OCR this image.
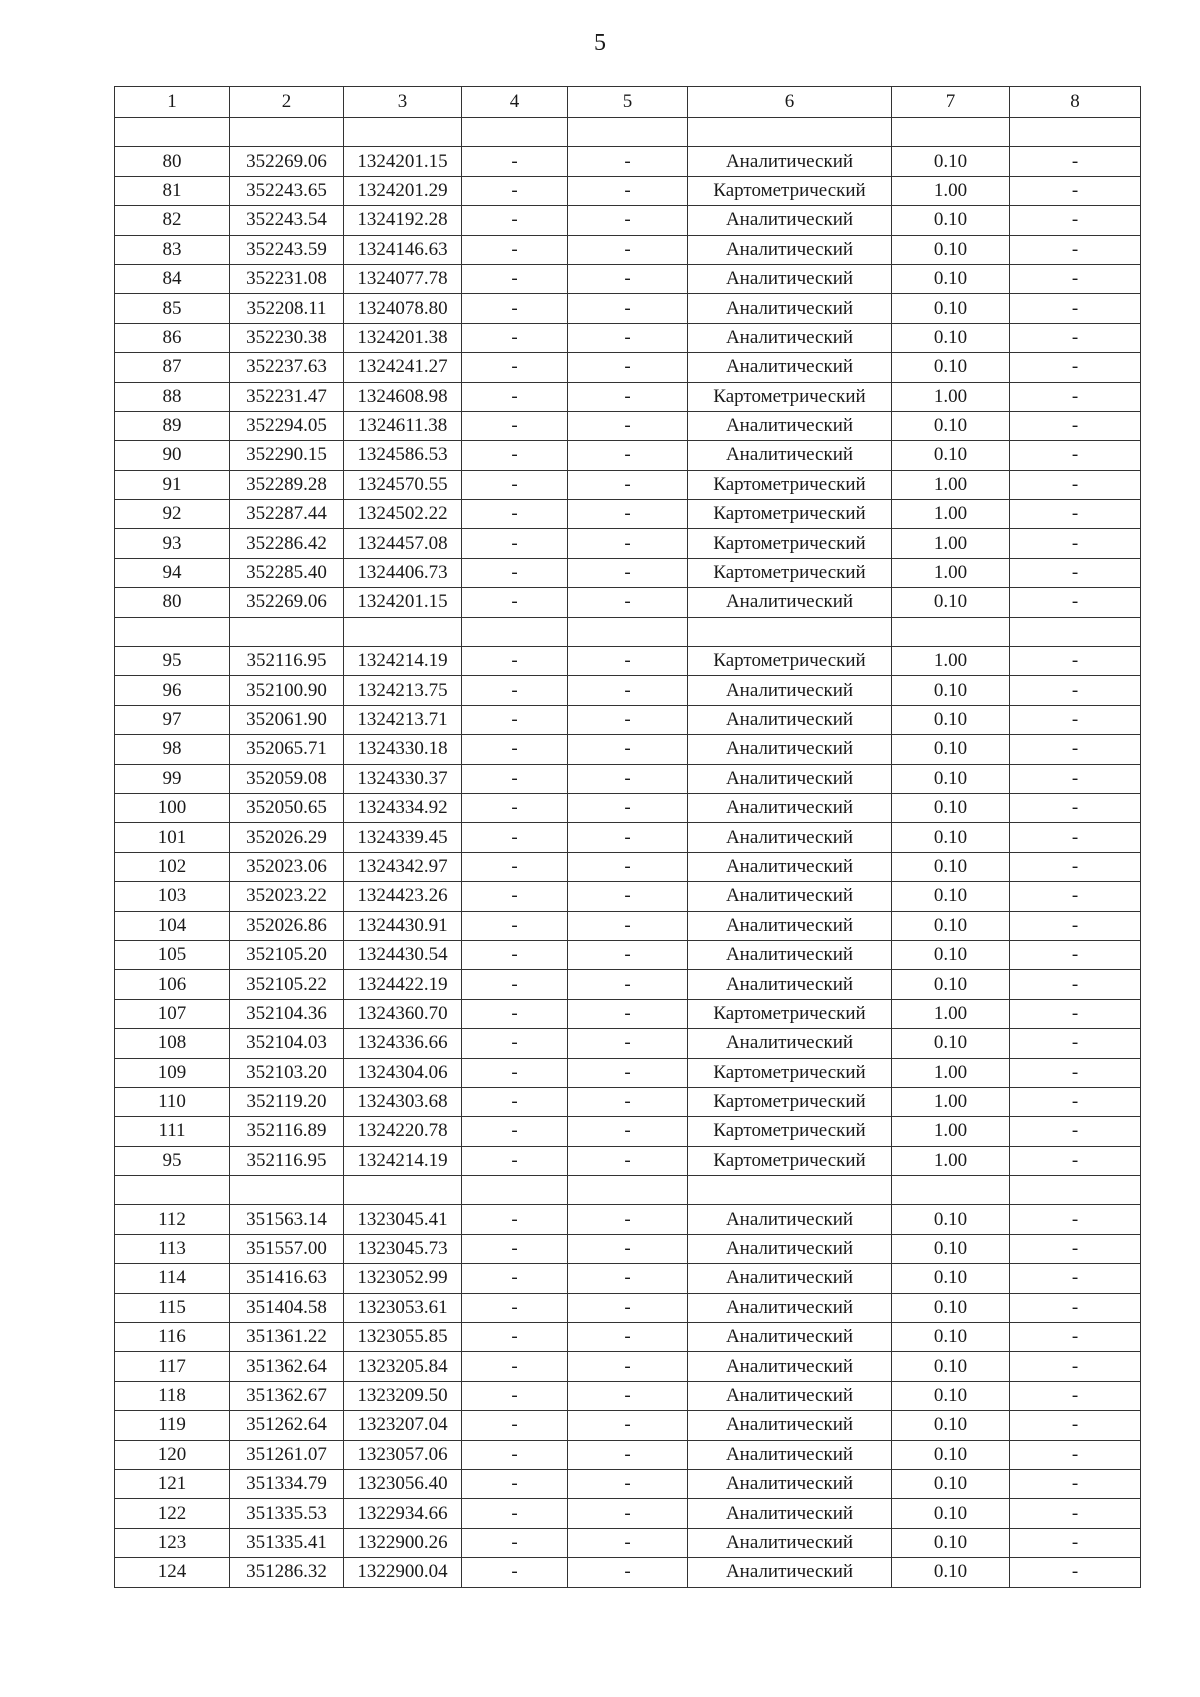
5
1	2	3	4	5	6	7	8

80	352269.06	1324201.15	-	-	Аналитический	0.10	-
81	352243.65	1324201.29	-	-	Картометрический	1.00	-
82	352243.54	1324192.28	-	-	Аналитический	0.10	-
83	352243.59	1324146.63	-	-	Аналитический	0.10	-
84	352231.08	1324077.78	-	-	Аналитический	0.10	-
85	352208.11	1324078.80	-	-	Аналитический	0.10	-
86	352230.38	1324201.38	-	-	Аналитический	0.10	-
87	352237.63	1324241.27	-	-	Аналитический	0.10	-
88	352231.47	1324608.98	-	-	Картометрический	1.00	-
89	352294.05	1324611.38	-	-	Аналитический	0.10	-
90	352290.15	1324586.53	-	-	Аналитический	0.10	-
91	352289.28	1324570.55	-	-	Картометрический	1.00	-
92	352287.44	1324502.22	-	-	Картометрический	1.00	-
93	352286.42	1324457.08	-	-	Картометрический	1.00	-
94	352285.40	1324406.73	-	-	Картометрический	1.00	-
80	352269.06	1324201.15	-	-	Аналитический	0.10	-

95	352116.95	1324214.19	-	-	Картометрический	1.00	-
96	352100.90	1324213.75	-	-	Аналитический	0.10	-
97	352061.90	1324213.71	-	-	Аналитический	0.10	-
98	352065.71	1324330.18	-	-	Аналитический	0.10	-
99	352059.08	1324330.37	-	-	Аналитический	0.10	-
100	352050.65	1324334.92	-	-	Аналитический	0.10	-
101	352026.29	1324339.45	-	-	Аналитический	0.10	-
102	352023.06	1324342.97	-	-	Аналитический	0.10	-
103	352023.22	1324423.26	-	-	Аналитический	0.10	-
104	352026.86	1324430.91	-	-	Аналитический	0.10	-
105	352105.20	1324430.54	-	-	Аналитический	0.10	-
106	352105.22	1324422.19	-	-	Аналитический	0.10	-
107	352104.36	1324360.70	-	-	Картометрический	1.00	-
108	352104.03	1324336.66	-	-	Аналитический	0.10	-
109	352103.20	1324304.06	-	-	Картометрический	1.00	-
110	352119.20	1324303.68	-	-	Картометрический	1.00	-
111	352116.89	1324220.78	-	-	Картометрический	1.00	-
95	352116.95	1324214.19	-	-	Картометрический	1.00	-

112	351563.14	1323045.41	-	-	Аналитический	0.10	-
113	351557.00	1323045.73	-	-	Аналитический	0.10	-
114	351416.63	1323052.99	-	-	Аналитический	0.10	-
115	351404.58	1323053.61	-	-	Аналитический	0.10	-
116	351361.22	1323055.85	-	-	Аналитический	0.10	-
117	351362.64	1323205.84	-	-	Аналитический	0.10	-
118	351362.67	1323209.50	-	-	Аналитический	0.10	-
119	351262.64	1323207.04	-	-	Аналитический	0.10	-
120	351261.07	1323057.06	-	-	Аналитический	0.10	-
121	351334.79	1323056.40	-	-	Аналитический	0.10	-
122	351335.53	1322934.66	-	-	Аналитический	0.10	-
123	351335.41	1322900.26	-	-	Аналитический	0.10	-
124	351286.32	1322900.04	-	-	Аналитический	0.10	-
